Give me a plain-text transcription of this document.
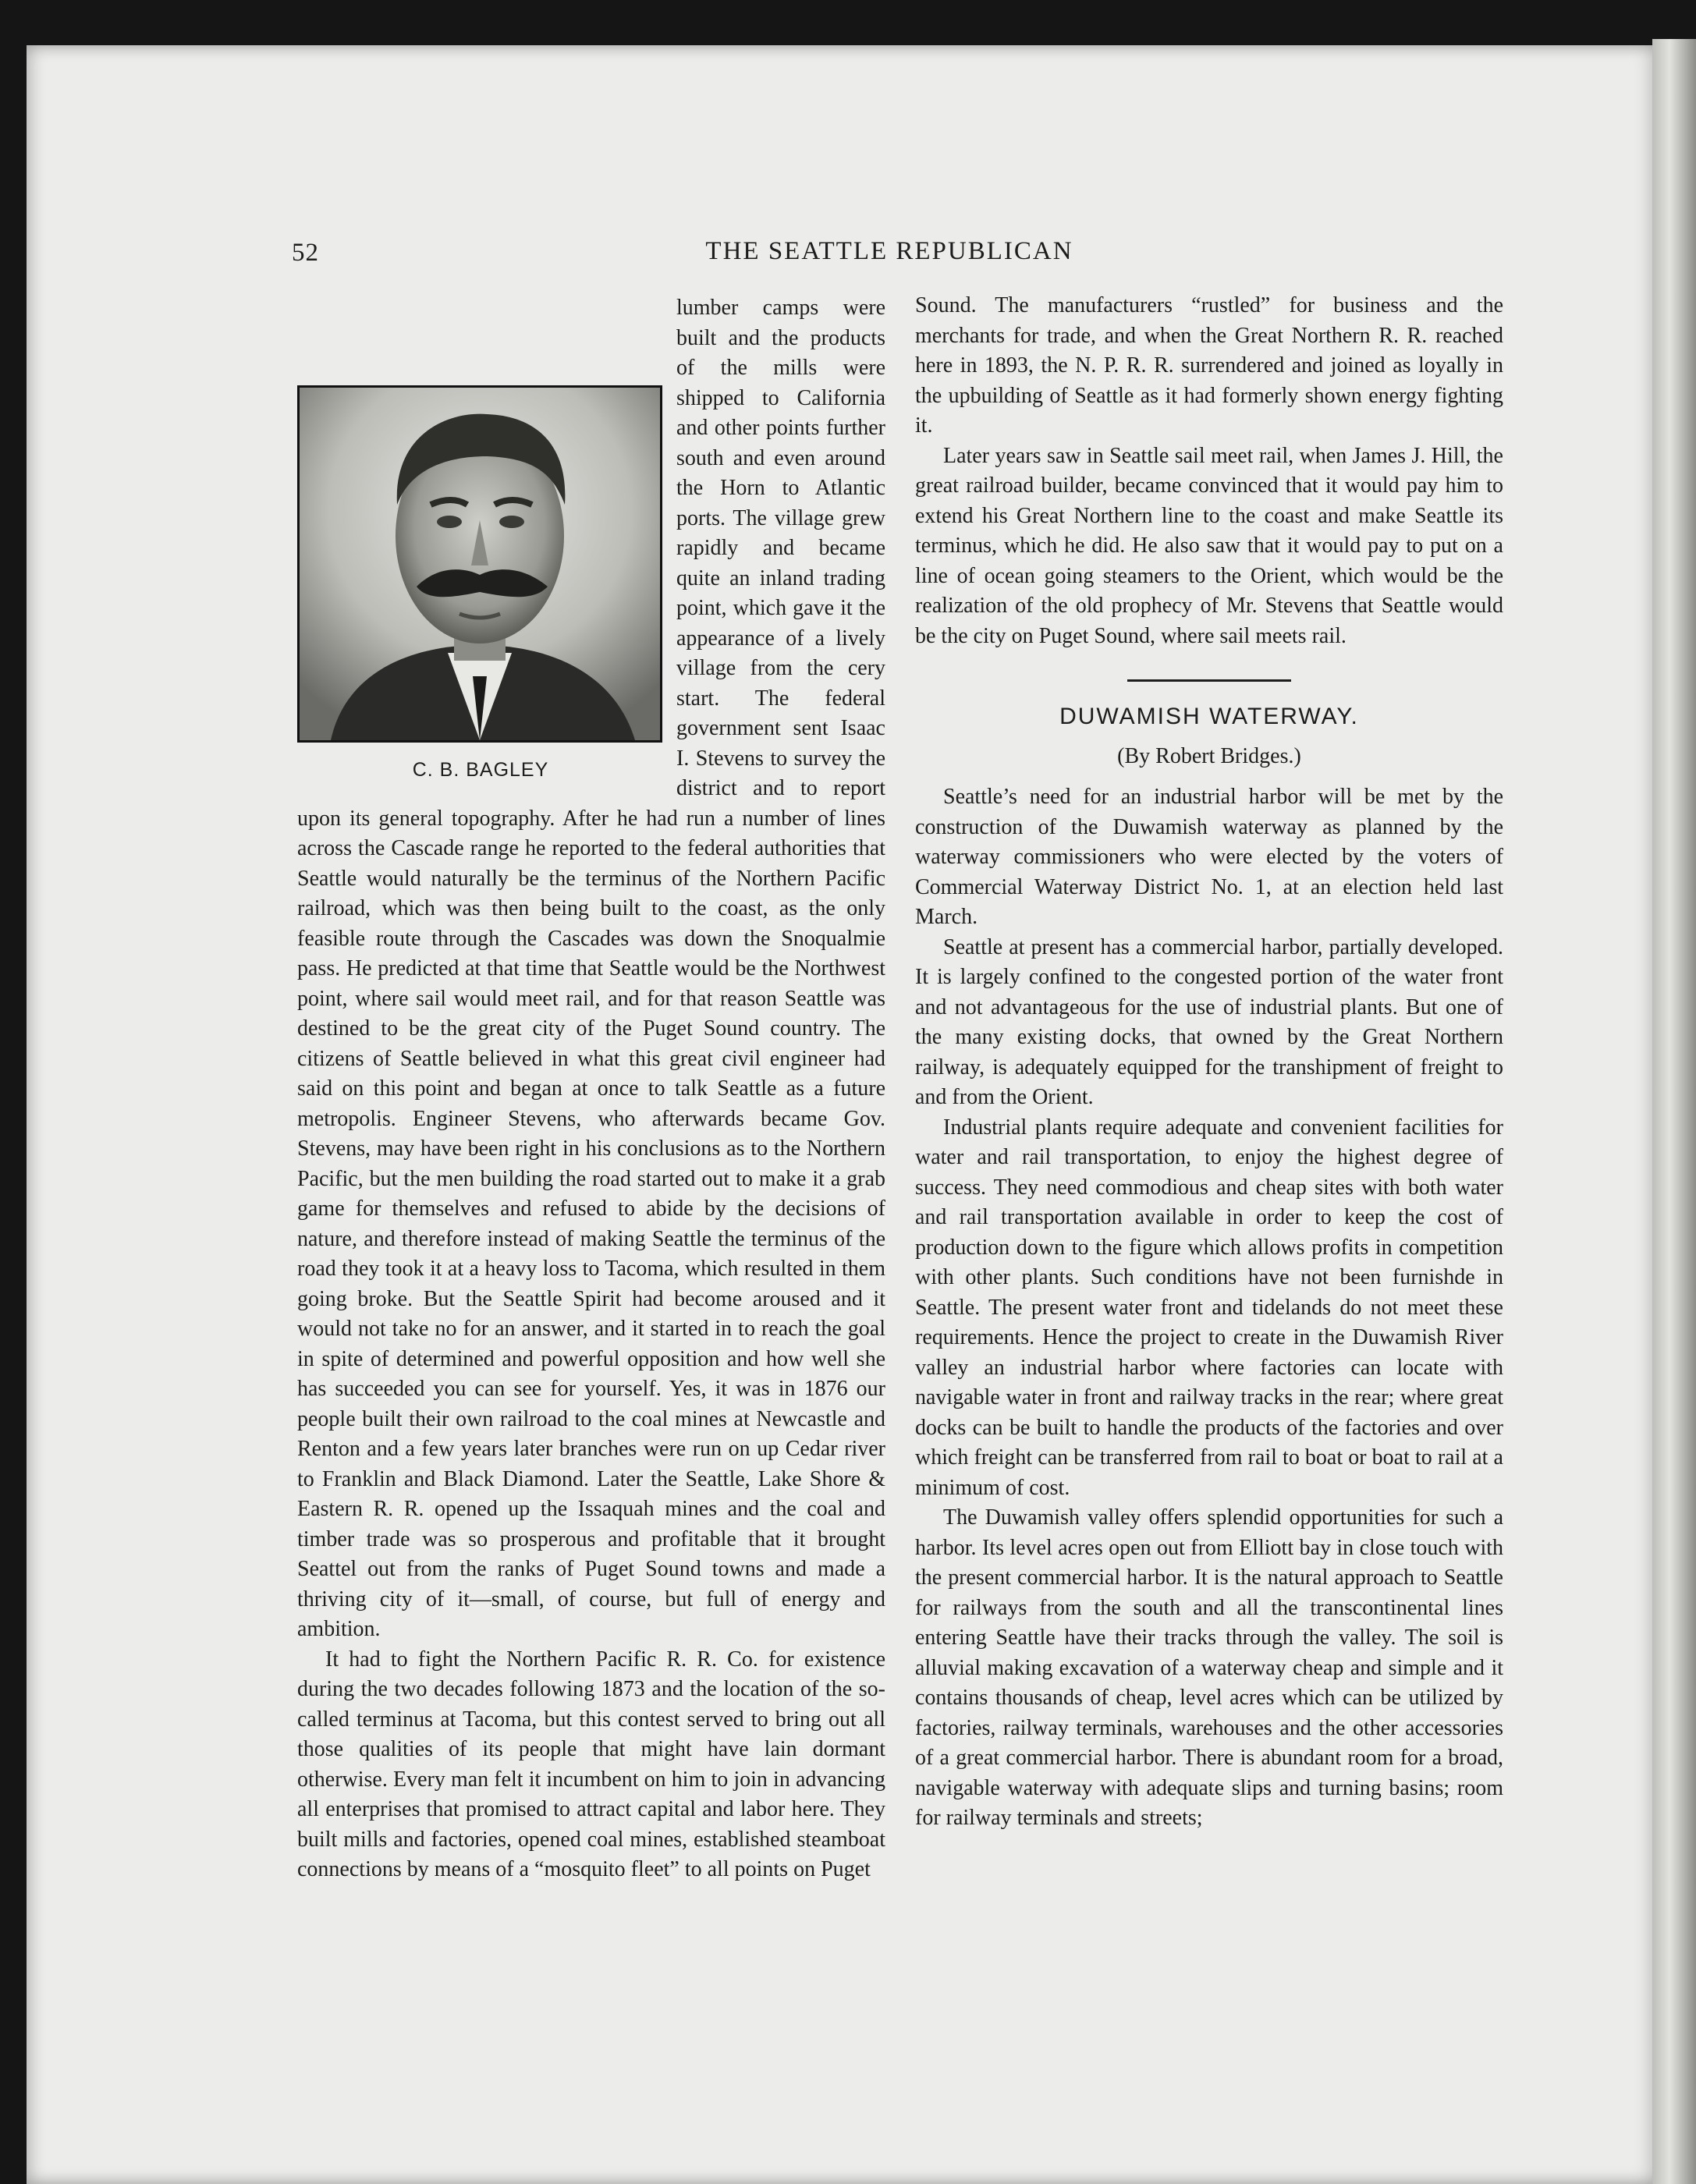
52	THE SEATTLE REPUBLICAN
C. B. BAGLEY

lumber camps were built and the products of the mills were shipped to California and other points further south and even around the Horn to Atlantic ports. The village grew rapidly and became quite an inland trading point, which gave it the appearance of a lively village from the cery start. The federal government sent Isaac I. Stevens to survey the district and to report upon its general topography. After he had run a number of lines across the Cascade range he reported to the federal authorities that Seattle would naturally be the terminus of the Northern Pacific railroad, which was then being built to the coast, as the only feasible route through the Cascades was down the Snoqualmie pass. He predicted at that time that Seattle would be the Northwest point, where sail would meet rail, and for that reason Seattle was destined to be the great city of the Puget Sound country. The citizens of Seattle believed in what this great civil engineer had said on this point and began at once to talk Seattle as a future metropolis. Engineer Stevens, who afterwards became Gov. Stevens, may have been right in his conclusions as to the Northern Pacific, but the men building the road started out to make it a grab game for themselves and refused to abide by the decisions of nature, and therefore instead of making Seattle the terminus of the road they took it at a heavy loss to Tacoma, which resulted in them going broke. But the Seattle Spirit had become aroused and it would not take no for an answer, and it started in to reach the goal in spite of determined and powerful opposition and how well she has succeeded you can see for yourself. Yes, it was in 1876 our people built their own railroad to the coal mines at Newcastle and Renton and a few years later branches were run on up Cedar river to Franklin and Black Diamond. Later the Seattle, Lake Shore & Eastern R. R. opened up the Issaquah mines and the coal and timber trade was so prosperous and profitable that it brought Seattel out from the ranks of Puget Sound towns and made a thriving city of it—small, of course, but full of energy and ambition.

It had to fight the Northern Pacific R. R. Co. for existence during the two decades following 1873 and the location of the so-called terminus at Tacoma, but this contest served to bring out all those qualities of its people that might have lain dormant otherwise. Every man felt it incumbent on him to join in advancing all enterprises that promised to attract capital and labor here. They built mills and factories, opened coal mines, established steamboat connections by means of a “mosquito fleet” to all points on Puget

Sound. The manufacturers “rustled” for business and the merchants for trade, and when the Great Northern R. R. reached here in 1893, the N. P. R. R. surrendered and joined as loyally in the upbuilding of Seattle as it had formerly shown energy fighting it.

Later years saw in Seattle sail meet rail, when James J. Hill, the great railroad builder, became convinced that it would pay him to extend his Great Northern line to the coast and make Seattle its terminus, which he did. He also saw that it would pay to put on a line of ocean going steamers to the Orient, which would be the realization of the old prophecy of Mr. Stevens that Seattle would be the city on Puget Sound, where sail meets rail.

DUWAMISH WATERWAY.
(By Robert Bridges.)

Seattle’s need for an industrial harbor will be met by the construction of the Duwamish waterway as planned by the waterway commissioners who were elected by the voters of Commercial Waterway District No. 1, at an election held last March.

Seattle at present has a commercial harbor, partially developed. It is largely confined to the congested portion of the water front and not advantageous for the use of industrial plants. But one of the many existing docks, that owned by the Great Northern railway, is adequately equipped for the transhipment of freight to and from the Orient.

Industrial plants require adequate and convenient facilities for water and rail transportation, to enjoy the highest degree of success. They need commodious and cheap sites with both water and rail transportation available in order to keep the cost of production down to the figure which allows profits in competition with other plants. Such conditions have not been furnishde in Seattle. The present water front and tidelands do not meet these requirements. Hence the project to create in the Duwamish River valley an industrial harbor where factories can locate with navigable water in front and railway tracks in the rear; where great docks can be built to handle the products of the factories and over which freight can be transferred from rail to boat or boat to rail at a minimum of cost.

The Duwamish valley offers splendid opportunities for such a harbor. Its level acres open out from Elliott bay in close touch with the present commercial harbor. It is the natural approach to Seattle for railways from the south and all the transcontinental lines entering Seattle have their tracks through the valley. The soil is alluvial making excavation of a waterway cheap and simple and it contains thousands of cheap, level acres which can be utilized by factories, railway terminals, warehouses and the other accessories of a great commercial harbor. There is abundant room for a broad, navigable waterway with adequate slips and turning basins; room for railway terminals and streets;
